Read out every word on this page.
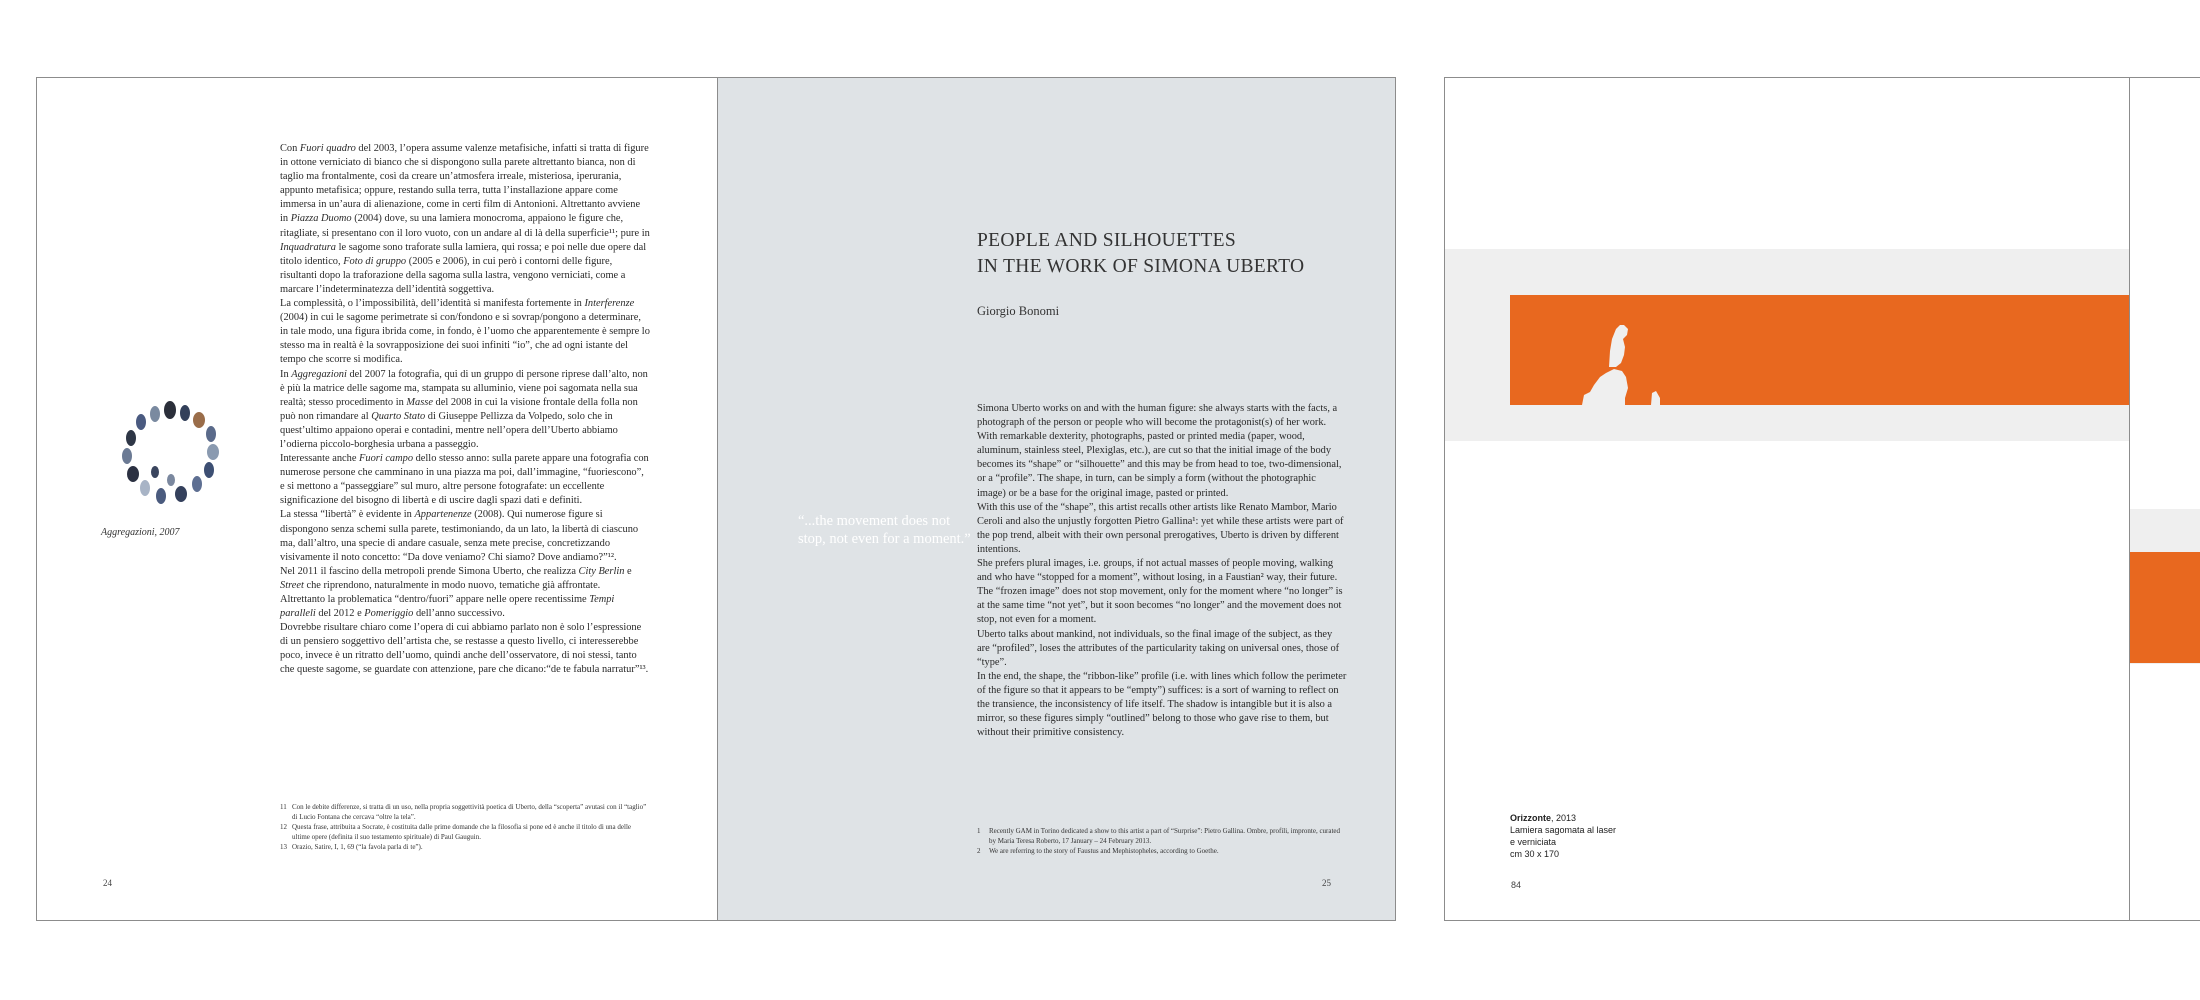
Con Fuori quadro del 2003, l’opera assume valenze metafisiche, infatti si tratta di figure in ottone verniciato di bianco che si dispongono sulla parete altrettanto bianca, non di taglio ma frontalmente, così da creare un’atmosfera irreale, misteriosa, iperurania, appunto metafisica; oppure, restando sulla terra, tutta l’installazione appare come immersa in un’aura di alienazione, come in certi film di Antonioni. Altrettanto avviene in Piazza Duomo (2004) dove, su una lamiera monocroma, appaiono le figure che, ritagliate, si presentano con il loro vuoto, con un andare al di là della superficie¹¹; pure in Inquadratura le sagome sono traforate sulla lamiera, qui rossa; e poi nelle due opere dal titolo identico, Foto di gruppo (2005 e 2006), in cui però i contorni delle figure, risultanti dopo la traforazione della sagoma sulla lastra, vengono verniciati, come a marcare l’indeterminatezza dell’identità soggettiva.

La complessità, o l’impossibilità, dell’identità si manifesta fortemente in Interferenze (2004) in cui le sagome perimetrate si con/fondono e si sovrap/pongono a determinare, in tale modo, una figura ibrida come, in fondo, è l’uomo che apparentemente è sempre lo stesso ma in realtà è la sovrapposizione dei suoi infiniti “io”, che ad ogni istante del tempo che scorre si modifica.

In Aggregazioni del 2007 la fotografia, qui di un gruppo di persone riprese dall’alto, non è più la matrice delle sagome ma, stampata su alluminio, viene poi sagomata nella sua realtà; stesso procedimento in Masse del 2008 in cui la visione frontale della folla non può non rimandare al Quarto Stato di Giuseppe Pellizza da Volpedo, solo che in quest’ultimo appaiono operai e contadini, mentre nell’opera dell’Uberto abbiamo l’odierna piccolo-borghesia urbana a passeggio.

Interessante anche Fuori campo dello stesso anno: sulla parete appare una fotografia con numerose persone che camminano in una piazza ma poi, dall’immagine, “fuoriescono”, e si mettono a “passeggiare” sul muro, altre persone fotografate: un eccellente significazione del bisogno di libertà e di uscire dagli spazi dati e definiti.

La stessa “libertà” è evidente in Appartenenze (2008). Qui numerose figure si dispongono senza schemi sulla parete, testimoniando, da un lato, la libertà di ciascuno ma, dall’altro, una specie di andare casuale, senza mete precise, concretizzando visivamente il noto concetto: “Da dove veniamo? Chi siamo? Dove andiamo?”¹².

Nel 2011 il fascino della metropoli prende Simona Uberto, che realizza City Berlin e Street che riprendono, naturalmente in modo nuovo, tematiche già affrontate.

Altrettanto la problematica “dentro/fuori” appare nelle opere recentissime Tempi paralleli del 2012 e Pomeriggio dell’anno successivo.

Dovrebbe risultare chiaro come l’opera di cui abbiamo parlato non è solo l’espressione di un pensiero soggettivo dell’artista che, se restasse a questo livello, ci interesserebbe poco, invece è un ritratto dell’uomo, quindi anche dell’osservatore, di noi stessi, tanto che queste sagome, se guardate con attenzione, pare che dicano:“de te fabula narratur”¹³.

Aggregazioni, 2007

11 Con le debite differenze, si tratta di un uso, nella propria soggettività poetica di Uberto, della “scoperta” avutasi con il “taglio” di Lucio Fontana che cercava “oltre la tela”.

12 Questa frase, attribuita a Socrate, è costituita dalle prime domande che la filosofia si pone ed è anche il titolo di una delle ultime opere (definita il suo testamento spirituale) di Paul Gauguin.

13 Orazio, Satire, I, 1, 69 (“la favola parla di te”).

24
PEOPLE AND SILHOUETTES
IN THE WORK OF SIMONA UBERTO
Giorgio Bonomi
“...the movement does not stop, not even for a moment.”

Simona Uberto works on and with the human figure: she always starts with the facts, a photograph of the person or people who will become the protagonist(s) of her work. With remarkable dexterity, photographs, pasted or printed media (paper, wood, aluminum, stainless steel, Plexiglas, etc.), are cut so that the initial image of the body becomes its “shape” or “silhouette” and this may be from head to toe, two-dimensional, or a “profile”. The shape, in turn, can be simply a form (without the photographic image) or be a base for the original image, pasted or printed.

With this use of the “shape”, this artist recalls other artists like Renato Mambor, Mario Ceroli and also the unjustly forgotten Pietro Gallina¹: yet while these artists were part of the pop trend, albeit with their own personal prerogatives, Uberto is driven by different intentions.

She prefers plural images, i.e. groups, if not actual masses of people moving, walking and who have “stopped for a moment”, without losing, in a Faustian² way, their future.

The “frozen image” does not stop movement, only for the moment where “no longer” is at the same time “not yet”, but it soon becomes “no longer” and the movement does not stop, not even for a moment.

Uberto talks about mankind, not individuals, so the final image of the subject, as they are “profiled”, loses the attributes of the particularity taking on universal ones, those of “type”.

In the end, the shape, the “ribbon-like” profile (i.e. with lines which follow the perimeter of the figure so that it appears to be “empty”) suffices: is a sort of warning to reflect on the transience, the inconsistency of life itself. The shadow is intangible but it is also a mirror, so these figures simply “outlined” belong to those who gave rise to them, but without their primitive consistency.

1 Recently GAM in Torino dedicated a show to this artist a part of “Surprise”: Pietro Gallina. Ombre, profili, impronte, curated by Maria Teresa Roberto, 17 January – 24 February 2013.

2 We are referring to the story of Faustus and Mephistopheles, according to Goethe.

25
Orizzonte, 2013
Lamiera sagomata al laser
e verniciata
cm 30 x 170
84
